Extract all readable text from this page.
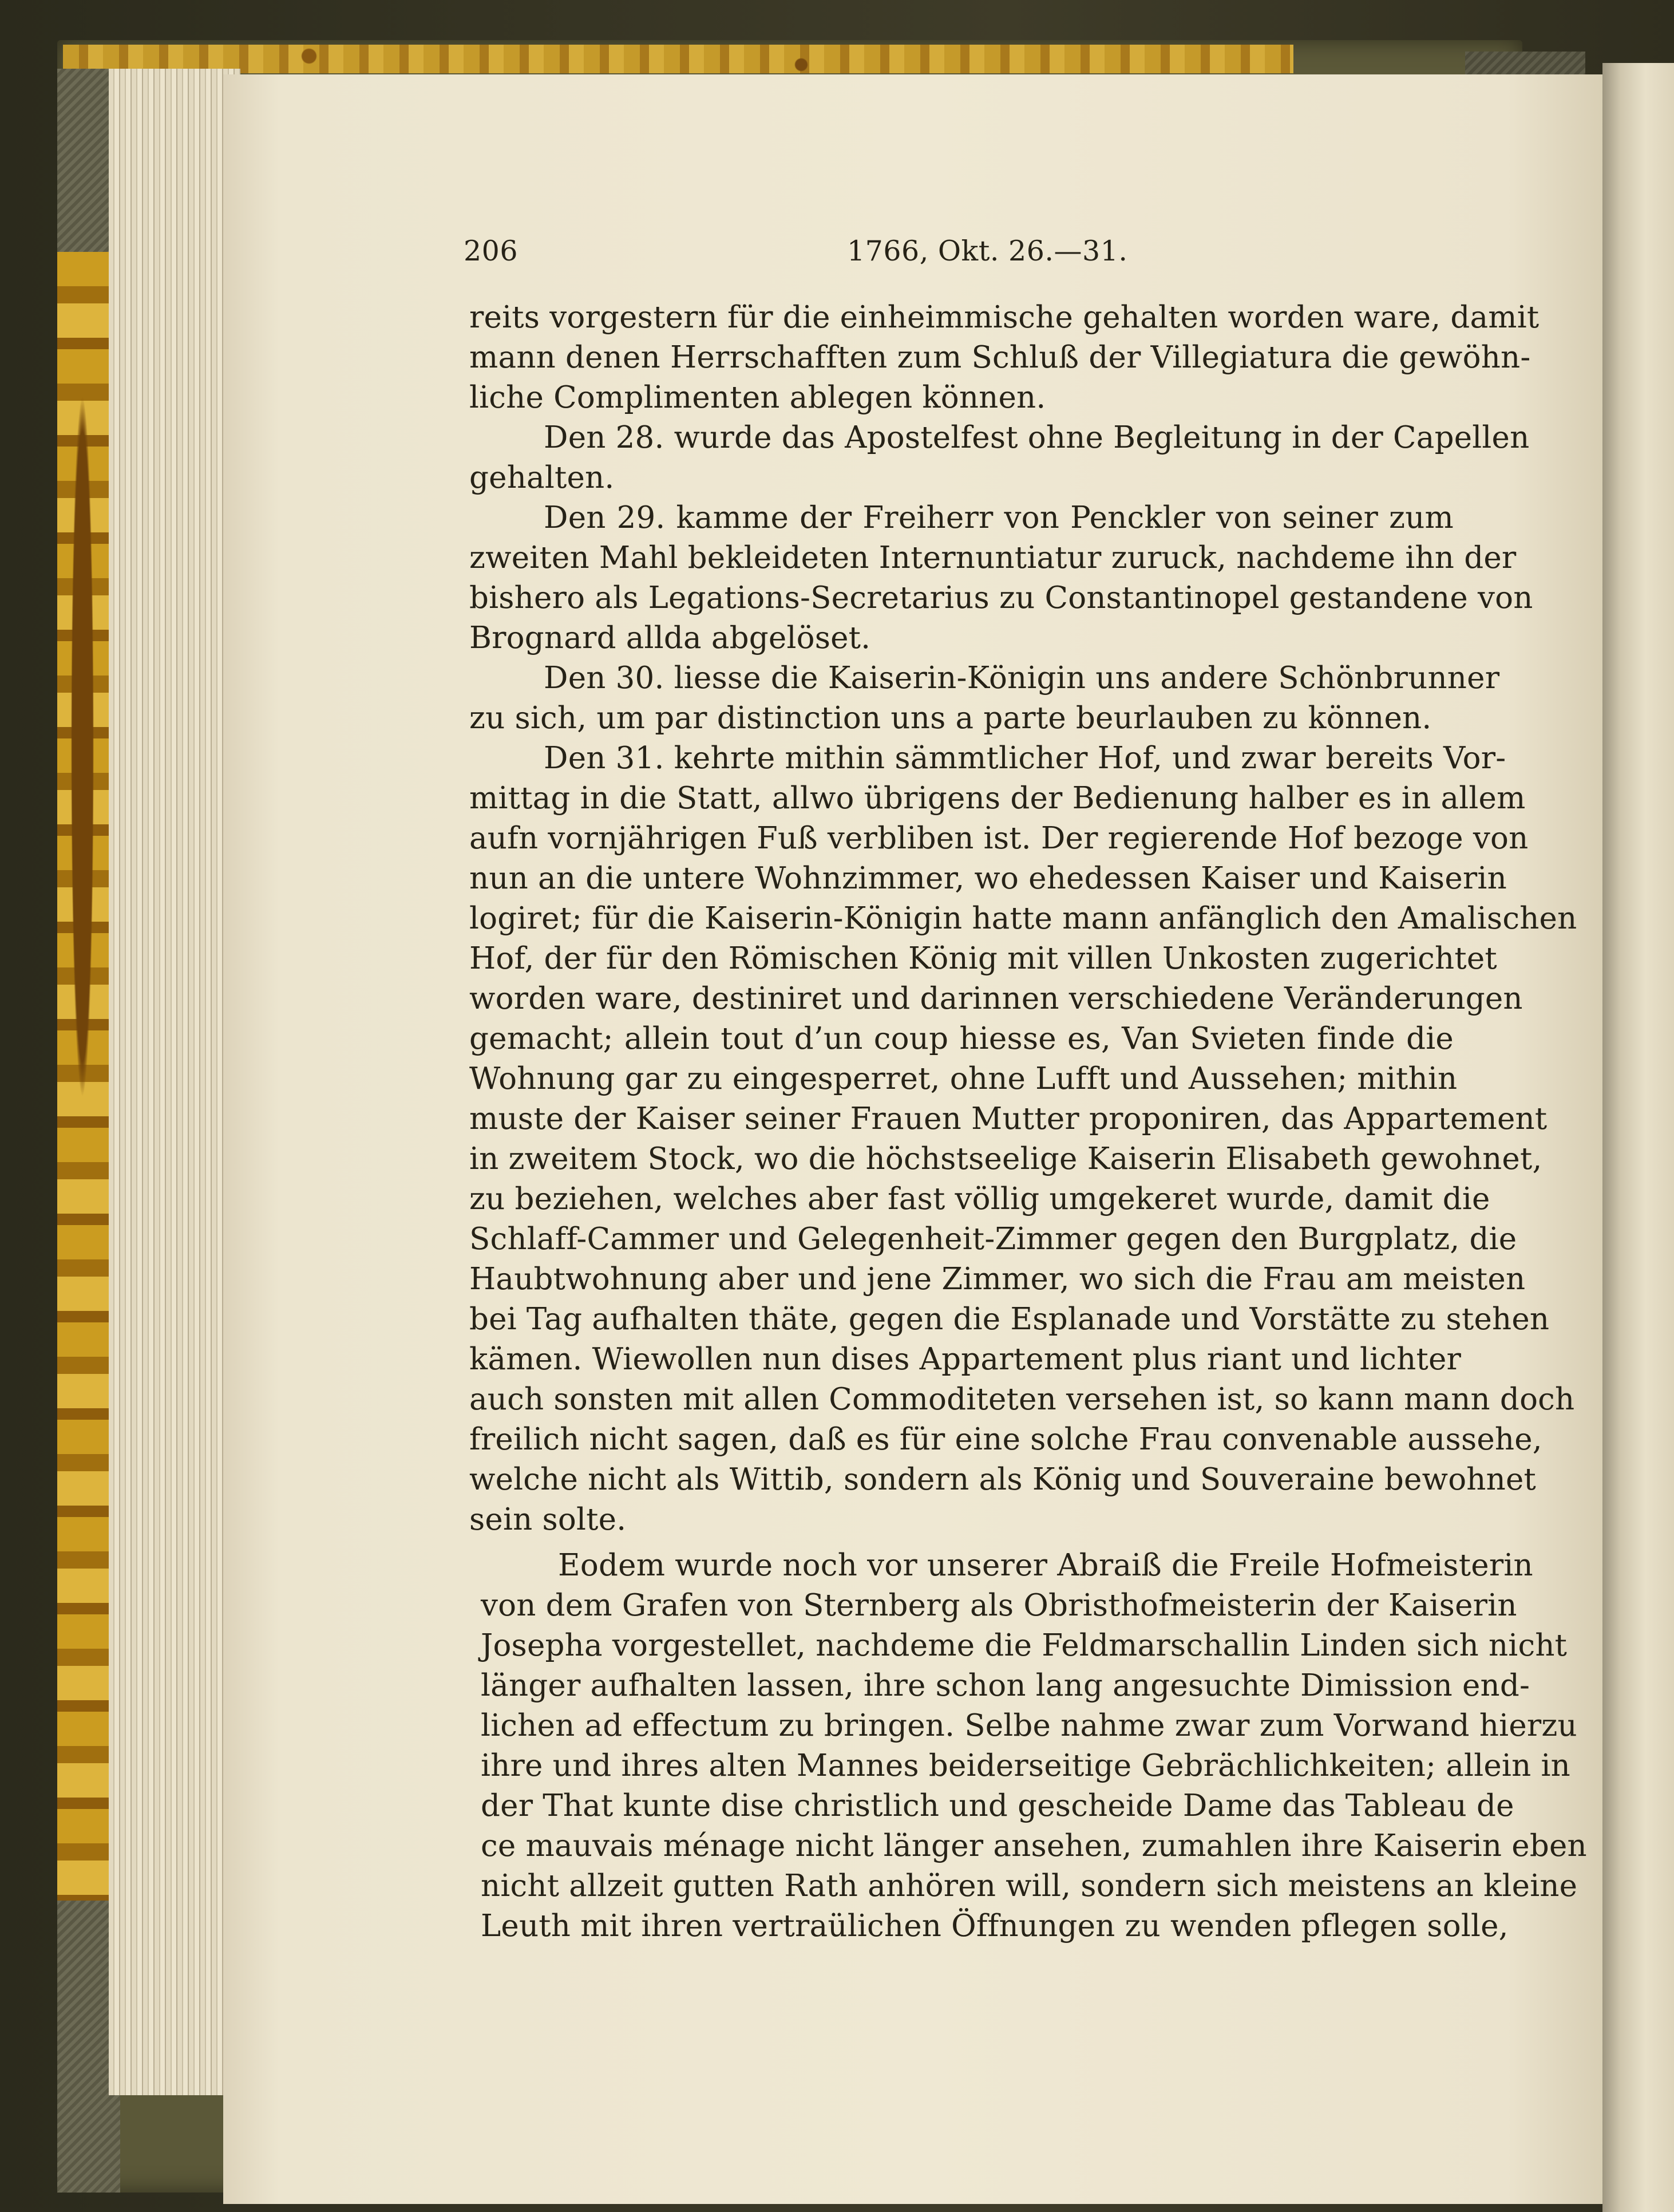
206	1766, Okt. 26.—31.
reits vorgestern für die einheimmische gehalten worden ware, damit
mann denen Herrschafften zum Schluß der Villegiatura die gewöhn-
liche Complimenten ablegen können.
Den 28. wurde das Apostelfest ohne Begleitung in der Capellen
gehalten.
Den 29. kamme der Freiherr von Penckler von seiner zum
zweiten Mahl bekleideten Internuntiatur zuruck, nachdeme ihn der
bishero als Legations-Secretarius zu Constantinopel gestandene von
Brognard allda abgelöset.
Den 30. liesse die Kaiserin-Königin uns andere Schönbrunner
zu sich, um par distinction uns a parte beurlauben zu können.
Den 31. kehrte mithin sämmtlicher Hof, und zwar bereits Vor-
mittag in die Statt, allwo übrigens der Bedienung halber es in allem
aufn vornjährigen Fuß verbliben ist. Der regierende Hof bezoge von
nun an die untere Wohnzimmer, wo ehedessen Kaiser und Kaiserin
logiret; für die Kaiserin-Königin hatte mann anfänglich den Amalischen
Hof, der für den Römischen König mit villen Unkosten zugerichtet
worden ware, destiniret und darinnen verschiedene Veränderungen
gemacht; allein tout d’un coup hiesse es, Van Svieten finde die
Wohnung gar zu eingesperret, ohne Lufft und Aussehen; mithin
muste der Kaiser seiner Frauen Mutter proponiren, das Appartement
in zweitem Stock, wo die höchstseelige Kaiserin Elisabeth gewohnet,
zu beziehen, welches aber fast völlig umgekeret wurde, damit die
Schlaff-Cammer und Gelegenheit-Zimmer gegen den Burgplatz, die
Haubtwohnung aber und jene Zimmer, wo sich die Frau am meisten
bei Tag aufhalten thäte, gegen die Esplanade und Vorstätte zu stehen
kämen. Wiewollen nun dises Appartement plus riant und lichter
auch sonsten mit allen Commoditeten versehen ist, so kann mann doch
freilich nicht sagen, daß es für eine solche Frau convenable aussehe,
welche nicht als Wittib, sondern als König und Souveraine bewohnet
sein solte.
Eodem wurde noch vor unserer Abraiß die Freile Hofmeisterin
von dem Grafen von Sternberg als Obristhofmeisterin der Kaiserin
Josepha vorgestellet, nachdeme die Feldmarschallin Linden sich nicht
länger aufhalten lassen, ihre schon lang angesuchte Dimission end-
lichen ad effectum zu bringen. Selbe nahme zwar zum Vorwand hierzu
ihre und ihres alten Mannes beiderseitige Gebrächlichkeiten; allein in
der That kunte dise christlich und gescheide Dame das Tableau de
ce mauvais ménage nicht länger ansehen, zumahlen ihre Kaiserin eben
nicht allzeit gutten Rath anhören will, sondern sich meistens an kleine
Leuth mit ihren vertraülichen Öffnungen zu wenden pflegen solle,
